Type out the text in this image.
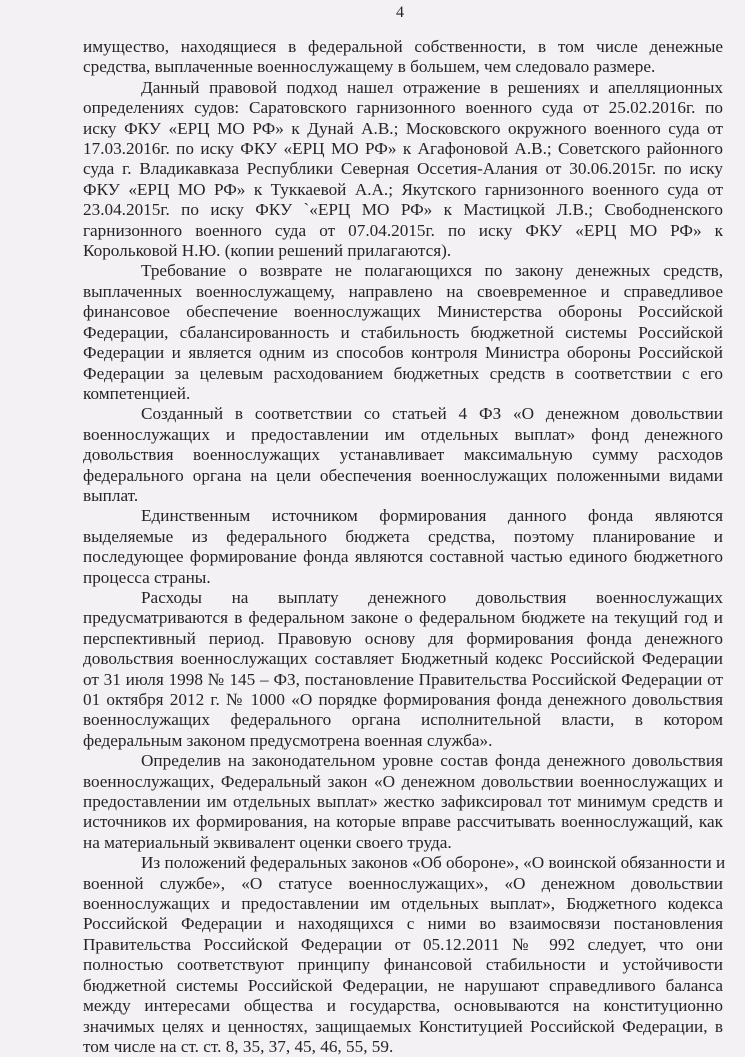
4
имущество, находящиеся в федеральной собственности, в том числе денежные
средства, выплаченные военнослужащему в большем, чем следовало размере.
Данный правовой подход нашел отражение в решениях и апелляционных
определениях судов: Саратовского гарнизонного военного суда от 25.02.2016г. по
иску ФКУ «ЕРЦ МО РФ» к Дунай А.В.; Московского окружного военного суда от
17.03.2016г. по иску ФКУ «ЕРЦ МО РФ» к Агафоновой А.В.; Советского районного
суда г. Владикавказа Республики Северная Оссетия-Алания от 30.06.2015г. по иску
ФКУ «ЕРЦ МО РФ» к Туккаевой А.А.; Якутского гарнизонного военного суда от
23.04.2015г. по иску ФКУ `«ЕРЦ МО РФ» к Мастицкой Л.В.; Свободненского
гарнизонного военного суда от 07.04.2015г. по иску ФКУ «ЕРЦ МО РФ» к
Корольковой Н.Ю. (копии решений прилагаются).
Требование о возврате не полагающихся по закону денежных средств,
выплаченных военнослужащему, направлено на своевременное и справедливое
финансовое обеспечение военнослужащих Министерства обороны Российской
Федерации, сбалансированность и стабильность бюджетной системы Российской
Федерации и является одним из способов контроля Министра обороны Российской
Федерации за целевым расходованием бюджетных средств в соответствии с его
компетенцией.
Созданный в соответствии со статьей 4 ФЗ «О денежном довольствии
военнослужащих и предоставлении им отдельных выплат» фонд денежного
довольствия военнослужащих устанавливает максимальную сумму расходов
федерального органа на цели обеспечения военнослужащих положенными видами
выплат.
Единственным источником формирования данного фонда являются
выделяемые из федерального бюджета средства, поэтому планирование и
последующее формирование фонда являются составной частью единого бюджетного
процесса страны.
Расходы на выплату денежного довольствия военнослужащих
предусматриваются в федеральном законе о федеральном бюджете на текущий год и
перспективный период. Правовую основу для формирования фонда денежного
довольствия военнослужащих составляет Бюджетный кодекс Российской Федерации
от 31 июля 1998 № 145 – ФЗ, постановление Правительства Российской Федерации от
01 октября 2012 г. № 1000 «О порядке формирования фонда денежного довольствия
военнослужащих федерального органа исполнительной власти, в котором
федеральным законом предусмотрена военная служба».
Определив на законодательном уровне состав фонда денежного довольствия
военнослужащих, Федеральный закон «О денежном довольствии военнослужащих и
предоставлении им отдельных выплат» жестко зафиксировал тот минимум средств и
источников их формирования, на которые вправе рассчитывать военнослужащий, как
на материальный эквивалент оценки своего труда.
Из положений федеральных законов «Об обороне», «О воинской обязанности и
военной службе», «О статусе военнослужащих», «О денежном довольствии
военнослужащих и предоставлении им отдельных выплат», Бюджетного кодекса
Российской Федерации и находящихся с ними во взаимосвязи постановления
Правительства Российской Федерации от 05.12.2011 № 992 следует, что они
полностью соответствуют принципу финансовой стабильности и устойчивости
бюджетной системы Российской Федерации, не нарушают справедливого баланса
между интересами общества и государства, основываются на конституционно
значимых целях и ценностях, защищаемых Конституцией Российской Федерации, в
том числе на ст. ст. 8, 35, 37, 45, 46, 55, 59.
